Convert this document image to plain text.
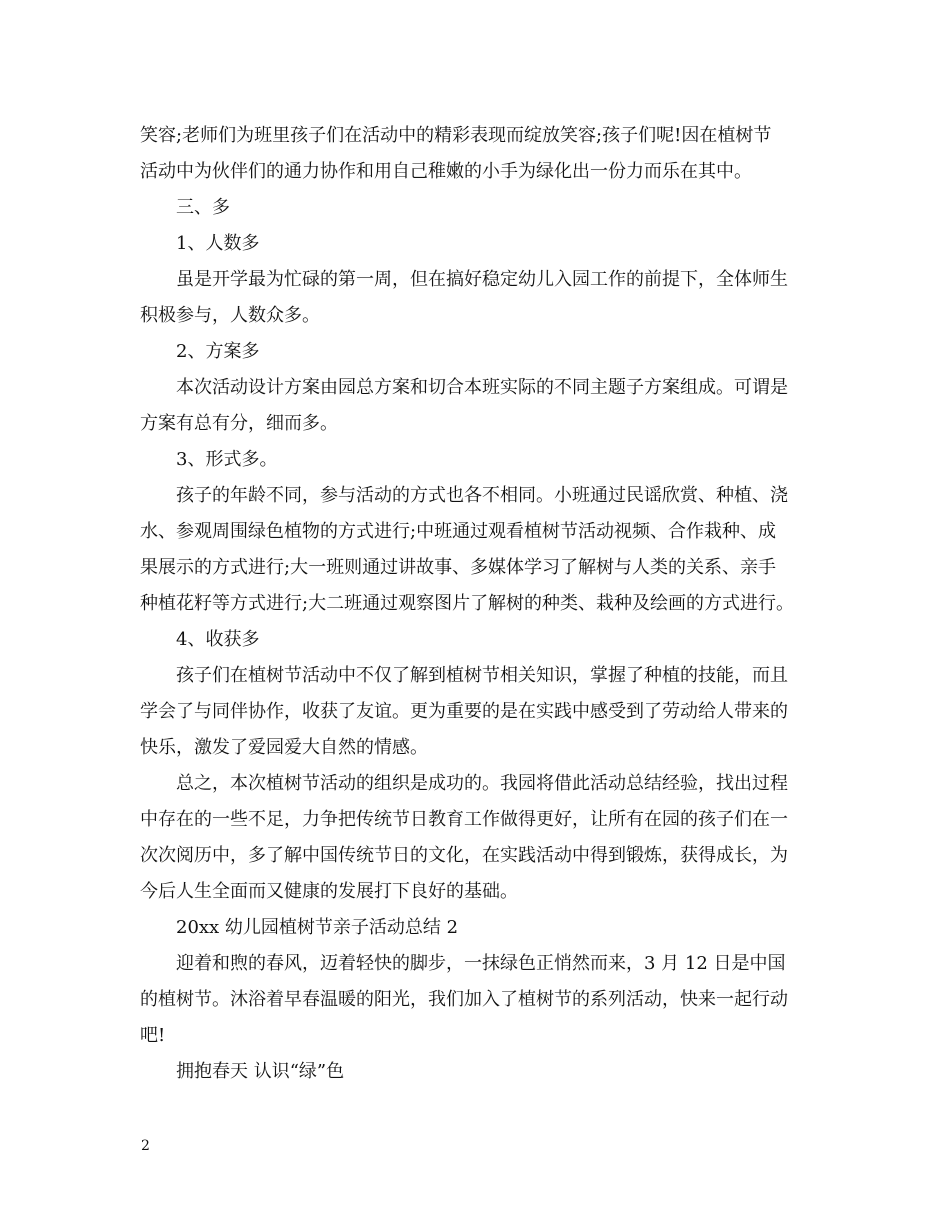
笑容;老师们为班里孩子们在活动中的精彩表现而绽放笑容;孩子们呢!因在植树节
活动中为伙伴们的通力协作和用自己稚嫩的小手为绿化出一份力而乐在其中。
三、多
1、人数多
虽是开学最为忙碌的第一周，但在搞好稳定幼儿入园工作的前提下，全体师生
积极参与，人数众多。
2、方案多
本次活动设计方案由园总方案和切合本班实际的不同主题子方案组成。可谓是
方案有总有分，细而多。
3、形式多。
孩子的年龄不同，参与活动的方式也各不相同。小班通过民谣欣赏、种植、浇
水、参观周围绿色植物的方式进行;中班通过观看植树节活动视频、合作栽种、成
果展示的方式进行;大一班则通过讲故事、多媒体学习了解树与人类的关系、亲手
种植花籽等方式进行;大二班通过观察图片了解树的种类、栽种及绘画的方式进行。
4、收获多
孩子们在植树节活动中不仅了解到植树节相关知识，掌握了种植的技能，而且
学会了与同伴协作，收获了友谊。更为重要的是在实践中感受到了劳动给人带来的
快乐，激发了爱园爱大自然的情感。
总之，本次植树节活动的组织是成功的。我园将借此活动总结经验，找出过程
中存在的一些不足，力争把传统节日教育工作做得更好，让所有在园的孩子们在一
次次阅历中，多了解中国传统节日的文化，在实践活动中得到锻炼，获得成长，为
今后人生全面而又健康的发展打下良好的基础。
20xx 幼儿园植树节亲子活动总结 2
迎着和煦的春风，迈着轻快的脚步，一抹绿色正悄然而来，3 月 12 日是中国
的植树节。沐浴着早春温暖的阳光，我们加入了植树节的系列活动，快来一起行动
吧!
拥抱春天 认识“绿”色
2
